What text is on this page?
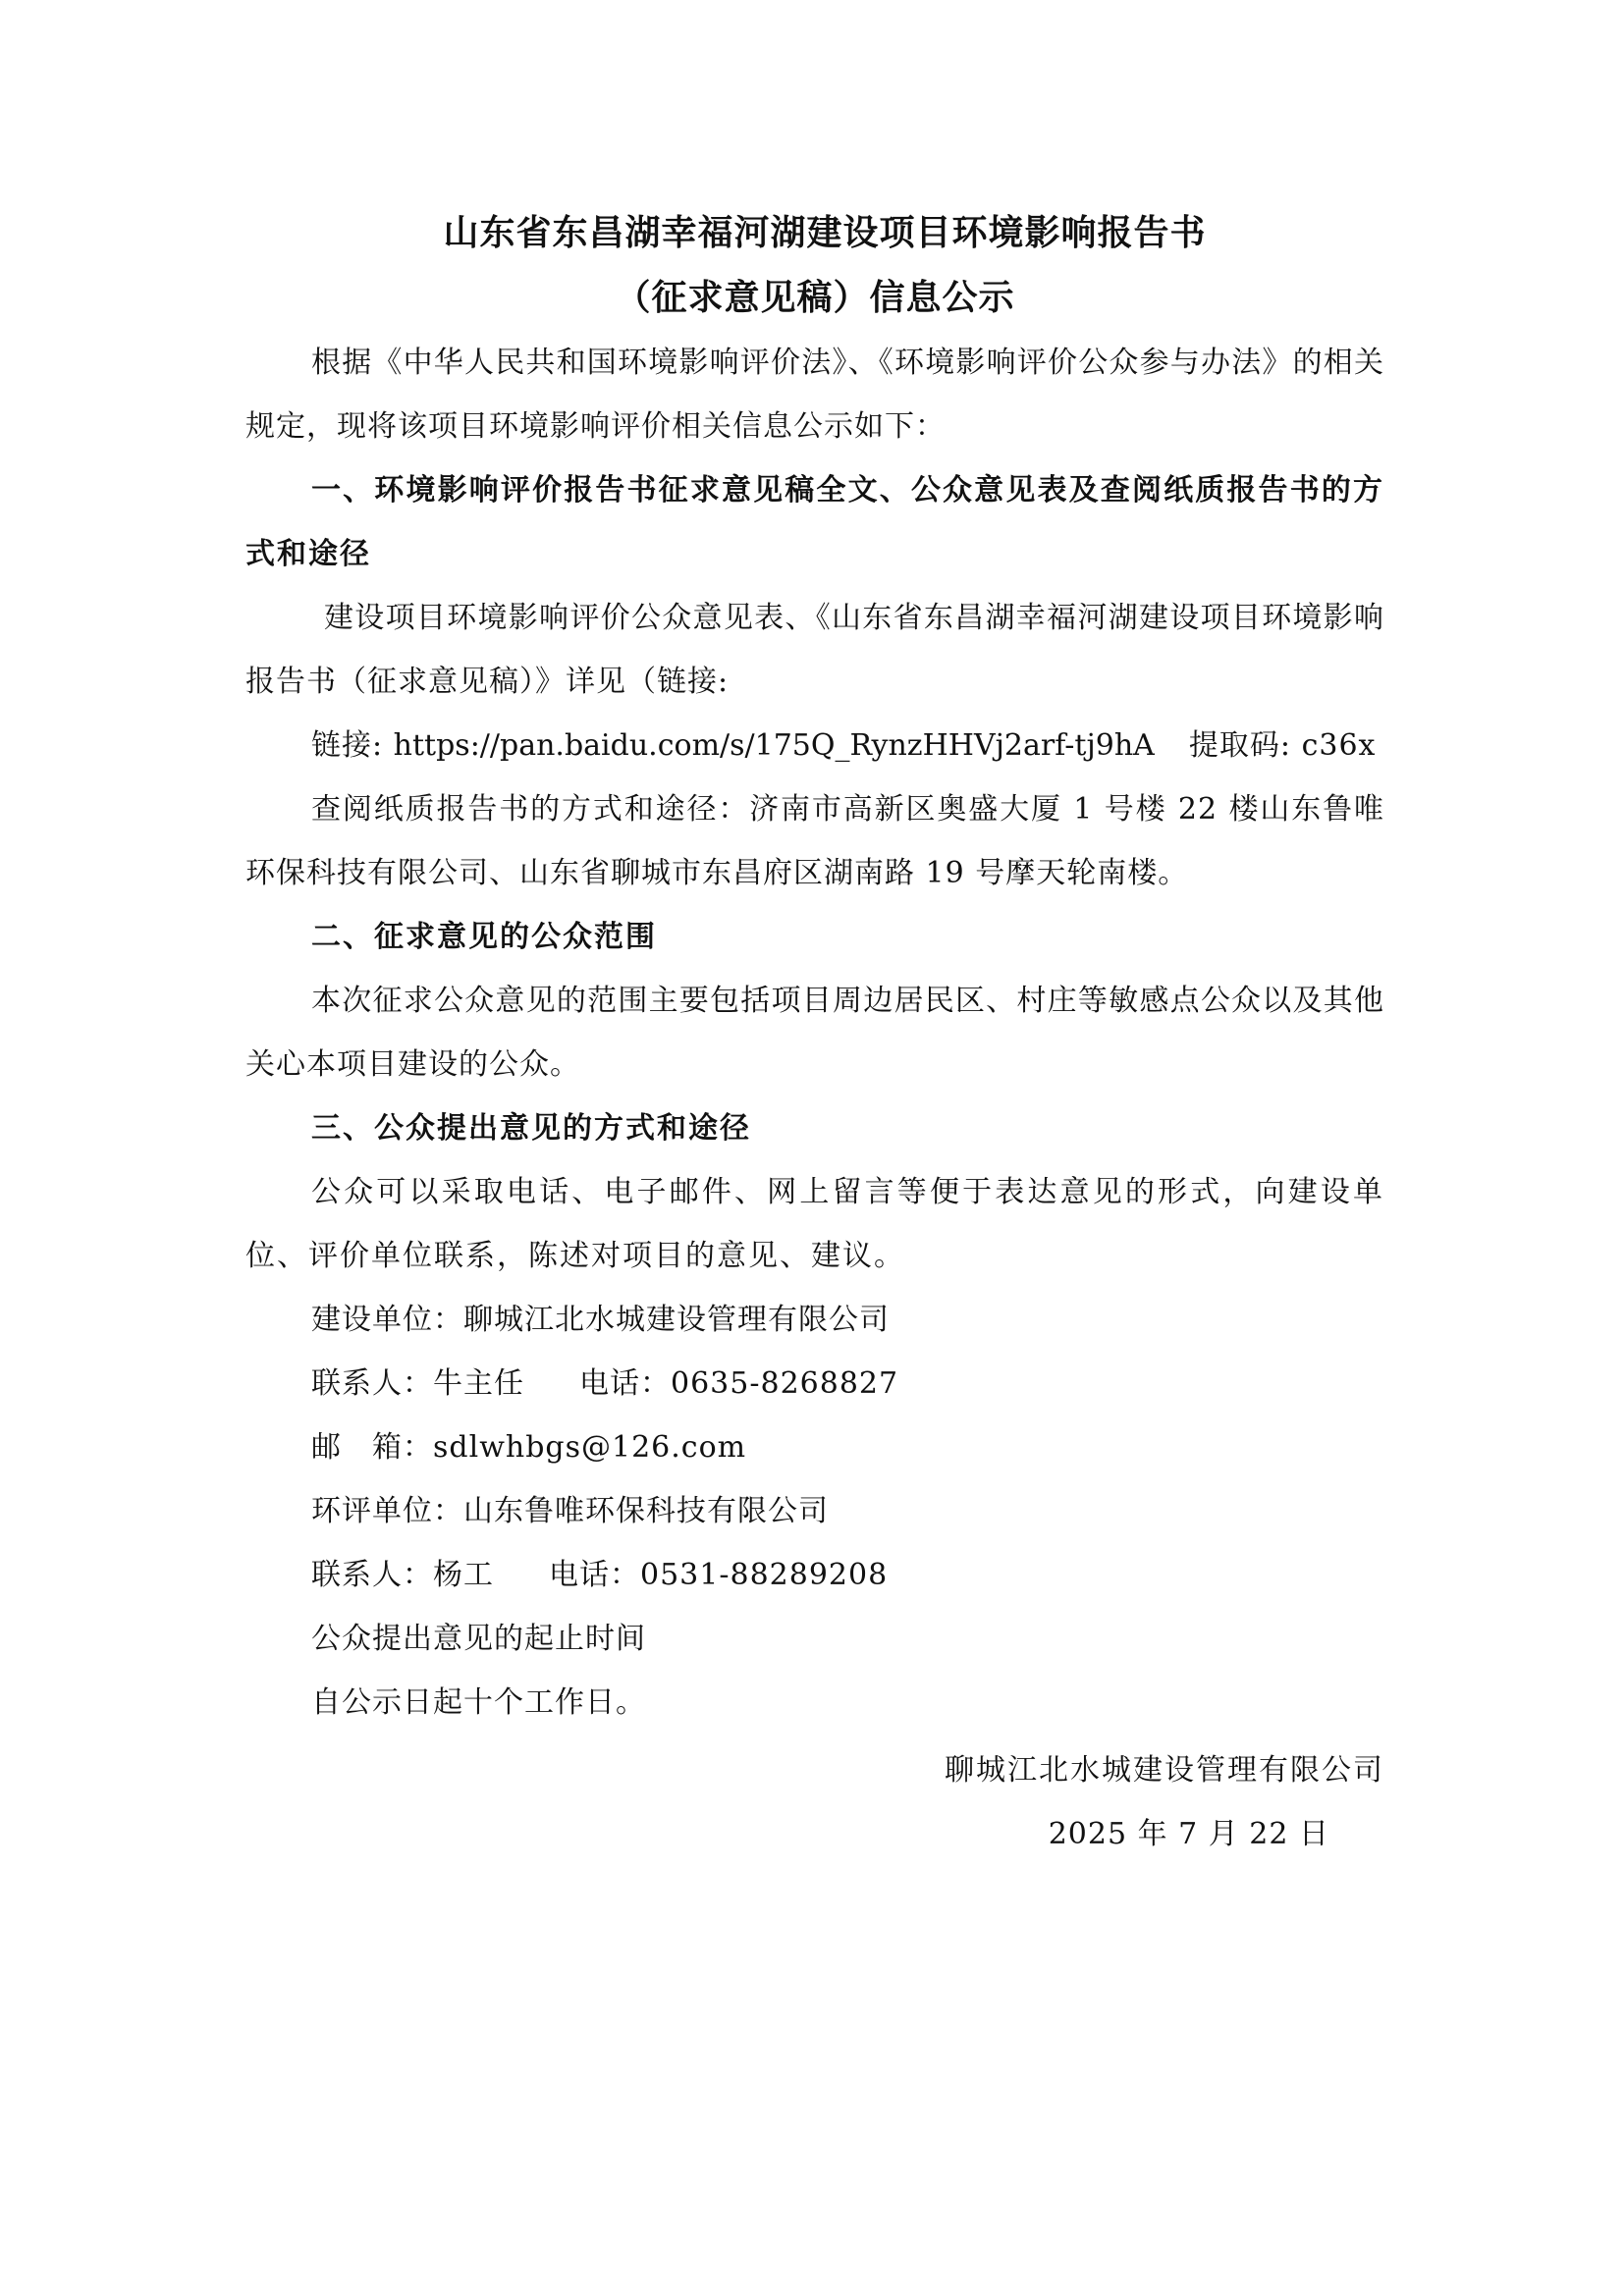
山东省东昌湖幸福河湖建设项目环境影响报告书

（征求意见稿）信息公示

根据《中华人民共和国环境影响评价法》、《环境影响评价公众参与办法》的相关规定，现将该项目环境影响评价相关信息公示如下：

一、环境影响评价报告书征求意见稿全文、公众意见表及查阅纸质报告书的方式和途径

建设项目环境影响评价公众意见表、《山东省东昌湖幸福河湖建设项目环境影响报告书（征求意见稿）》详见（链接:

链接: https://pan.baidu.com/s/175Q_RynzHHVj2arf-tj9hA 提取码: c36x

查阅纸质报告书的方式和途径：济南市高新区奥盛大厦 1 号楼 22 楼山东鲁唯环保科技有限公司、山东省聊城市东昌府区湖南路 19 号摩天轮南楼。

二、征求意见的公众范围

本次征求公众意见的范围主要包括项目周边居民区、村庄等敏感点公众以及其他关心本项目建设的公众。

三、公众提出意见的方式和途径

公众可以采取电话、电子邮件、网上留言等便于表达意见的形式，向建设单位、评价单位联系，陈述对项目的意见、建议。

建设单位：聊城江北水城建设管理有限公司

联系人：牛主任 电话：0635-8268827

邮　箱：sdlwhbgs@126.com

环评单位：山东鲁唯环保科技有限公司

联系人：杨工 电话：0531-88289208

公众提出意见的起止时间

自公示日起十个工作日。

聊城江北水城建设管理有限公司

2025 年 7 月 22 日
